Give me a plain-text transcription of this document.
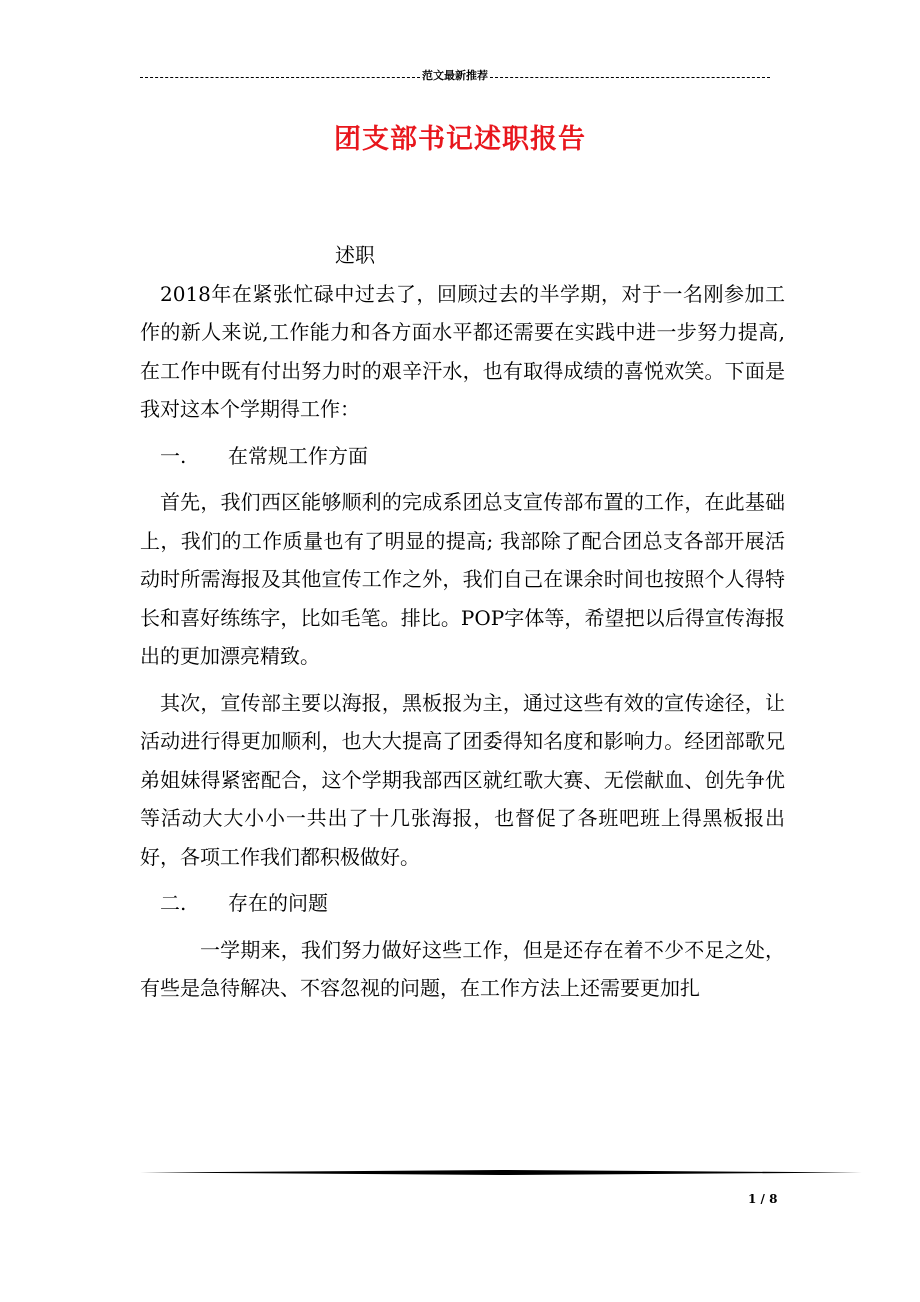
范文最新推荐
团支部书记述职报告

述职

2018年在紧张忙碌中过去了，回顾过去的半学期，对于一名刚参加工作的新人来说,工作能力和各方面水平都还需要在实践中进一步努力提高,在工作中既有付出努力时的艰辛汗水，也有取得成绩的喜悦欢笑。下面是我对这本个学期得工作：

一.	在常规工作方面

首先，我们西区能够顺利的完成系团总支宣传部布置的工作，在此基础上，我们的工作质量也有了明显的提高; 我部除了配合团总支各部开展活动时所需海报及其他宣传工作之外，我们自己在课余时间也按照个人得特长和喜好练练字，比如毛笔。排比。POP字体等，希望把以后得宣传海报出的更加漂亮精致。

其次，宣传部主要以海报，黑板报为主，通过这些有效的宣传途径，让活动进行得更加顺利，也大大提高了团委得知名度和影响力。经团部歌兄弟姐妹得紧密配合，这个学期我部西区就红歌大赛、无偿献血、创先争优等活动大大小小一共出了十几张海报，也督促了各班吧班上得黑板报出好，各项工作我们都积极做好。

二.	存在的问题

一学期来，我们努力做好这些工作，但是还存在着不少不足之处，有些是急待解决、不容忽视的问题，在工作方法上还需要更加扎

1 / 8
